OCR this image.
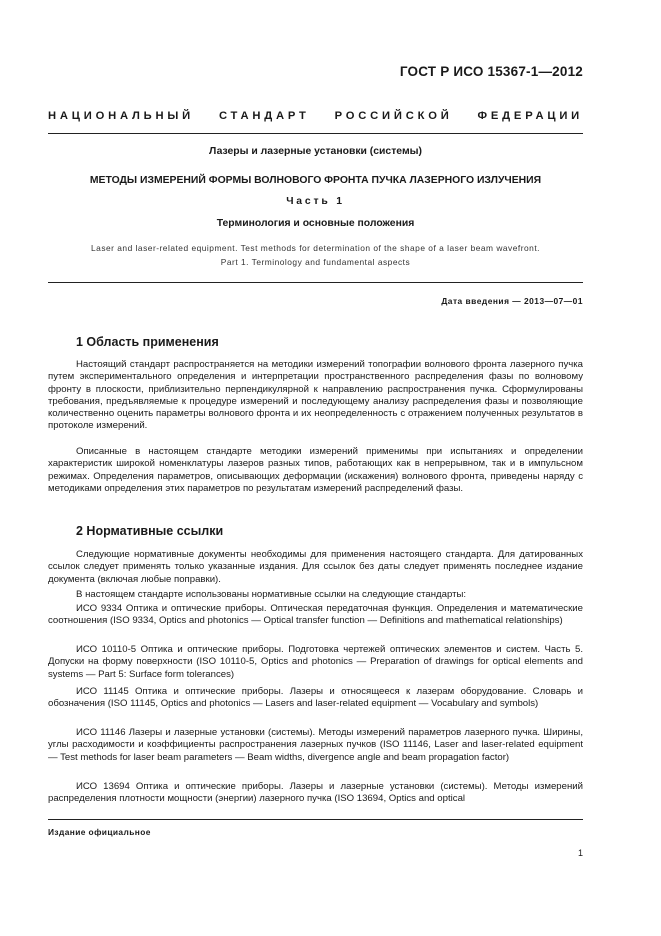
ГОСТ Р ИСО 15367-1—2012
НАЦИОНАЛЬНЫЙ СТАНДАРТ РОССИЙСКОЙ ФЕДЕРАЦИИ
Лазеры и лазерные установки (системы)
МЕТОДЫ ИЗМЕРЕНИЙ ФОРМЫ ВОЛНОВОГО ФРОНТА ПУЧКА ЛАЗЕРНОГО ИЗЛУЧЕНИЯ
Часть 1
Терминология и основные положения
Laser and laser-related equipment. Test methods for determination of the shape of a laser beam wavefront.
Part 1. Terminology and fundamental aspects
Дата введения — 2013—07—01
1 Область применения

Настоящий стандарт распространяется на методики измерений топографии волнового фронта лазерного пучка путем экспериментального определения и интерпретации пространственного распределения фазы по волновому фронту в плоскости, приблизительно перпендикулярной к направлению распространения пучка. Сформулированы требования, предъявляемые к процедуре измерений и последующему анализу распределения фазы и позволяющие количественно оценить параметры волнового фронта и их неопределенность с отражением полученных результатов в протоколе измерений.

Описанные в настоящем стандарте методики измерений применимы при испытаниях и определении характеристик широкой номенклатуры лазеров разных типов, работающих как в непрерывном, так и в импульсном режимах. Определения параметров, описывающих деформации (искажения) волнового фронта, приведены наряду с методиками определения этих параметров по результатам измерений распределений фазы.

2 Нормативные ссылки

Следующие нормативные документы необходимы для применения настоящего стандарта. Для датированных ссылок следует применять только указанные издания. Для ссылок без даты следует применять последнее издание документа (включая любые поправки).

В настоящем стандарте использованы нормативные ссылки на следующие стандарты:

ИСО 9334 Оптика и оптические приборы. Оптическая передаточная функция. Определения и математические соотношения (ISO 9334, Optics and photonics — Optical transfer function — Definitions and mathematical relationships)

ИСО 10110-5 Оптика и оптические приборы. Подготовка чертежей оптических элементов и систем. Часть 5. Допуски на форму поверхности (ISO 10110-5, Optics and photonics — Preparation of drawings for optical elements and systems — Part 5: Surface form tolerances)

ИСО 11145 Оптика и оптические приборы. Лазеры и относящееся к лазерам оборудование. Словарь и обозначения (ISO 11145, Optics and photonics — Lasers and laser-related equipment — Vocabulary and symbols)

ИСО 11146 Лазеры и лазерные установки (системы). Методы измерений параметров лазерного пучка. Ширины, углы расходимости и коэффициенты распространения лазерных пучков (ISO 11146, Laser and laser-related equipment — Test methods for laser beam parameters — Beam widths, divergence angle and beam propagation factor)

ИСО 13694 Оптика и оптические приборы. Лазеры и лазерные установки (системы). Методы измерений распределения плотности мощности (энергии) лазерного пучка (ISO 13694, Optics and optical

Издание официальное
1
